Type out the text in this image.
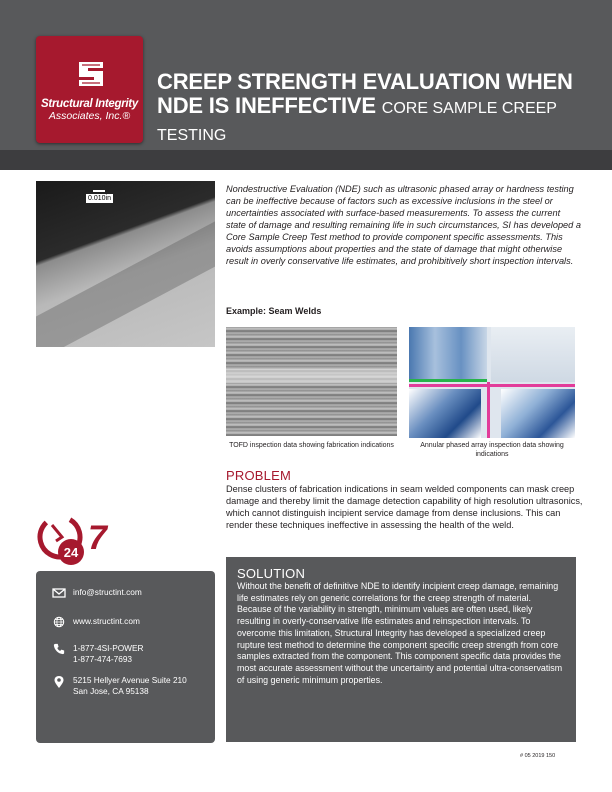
Structural Integrity
Associates, Inc.®
CREEP STRENGTH EVALUATION WHEN
NDE IS INEFFECTIVE CORE SAMPLE CREEP TESTING
0.010in
Nondestructive Evaluation (NDE) such as ultrasonic phased array or hardness testing can be ineffective because of factors such as excessive inclusions in the steel or uncertainties associated with surface-based measurements. To assess the current state of damage and resulting remaining life in such circumstances, SI has developed a Core Sample Creep Test method to provide component specific assessments. This avoids assumptions about properties and the state of damage that might otherwise result in overly conservative life estimates, and prohibitively short inspection intervals.
Example: Seam Welds
TOFD inspection data showing fabrication indications	Annular phased array inspection data showing indications
PROBLEM
Dense clusters of fabrication indications in seam welded components can mask creep damage and thereby limit the damage detection capability of high resolution ultrasonics, which cannot distinguish incipient service damage from dense inclusions. This can render these techniques ineffective in assessing the health of the weld.
24 7
info@structint.com
www.structint.com
1-877-4SI-POWER
1-877-474-7693
5215 Hellyer Avenue Suite 210
San Jose, CA 95138
SOLUTION
Without the benefit of definitive NDE to identify incipient creep damage, remaining life estimates rely on generic correlations for the creep strength of material. Because of the variability in strength, minimum values are often used, likely resulting in overly-conservative life estimates and reinspection intervals. To overcome this limitation, Structural Integrity has developed a specialized creep rupture test method to determine the component specific creep strength from core samples extracted from the component. This component specific data provides the most accurate assessment without the uncertainty and potential ultra-conservatism of using generic minimum properties.
# 05 2019 150
